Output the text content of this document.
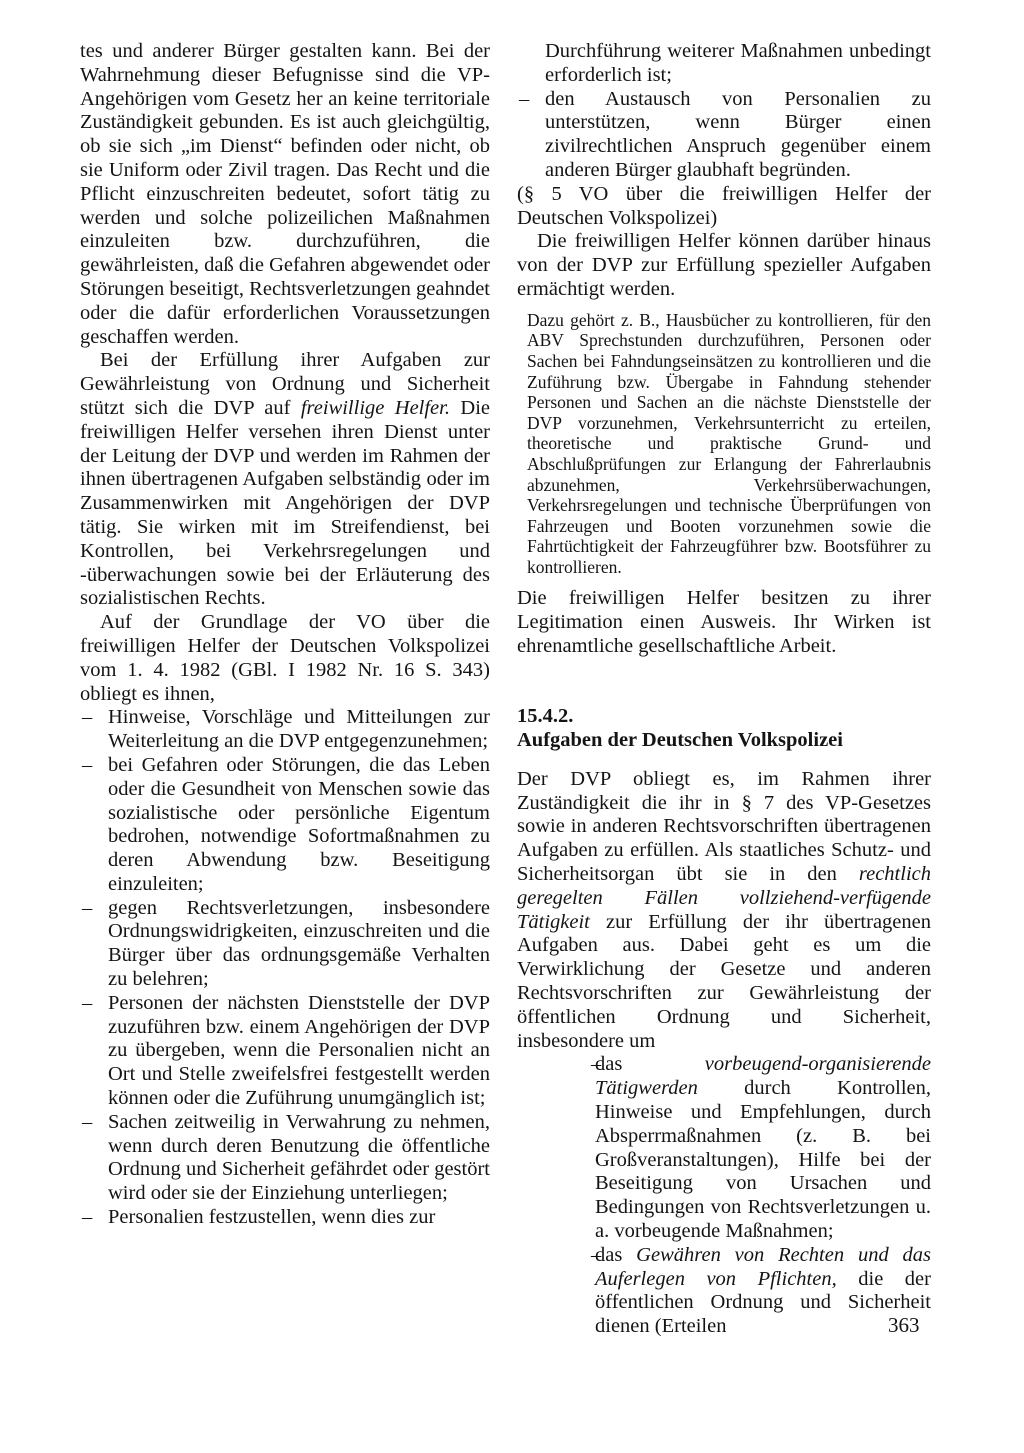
tes und anderer Bürger gestalten kann. Bei der Wahrnehmung dieser Befugnisse sind die VP-Angehörigen vom Gesetz her an keine territoriale Zuständigkeit gebunden. Es ist auch gleichgültig, ob sie sich „im Dienst“ befinden oder nicht, ob sie Uniform oder Zivil tragen. Das Recht und die Pflicht einzuschreiten bedeutet, sofort tätig zu werden und solche polizeilichen Maßnahmen einzuleiten bzw. durchzuführen, die gewährleisten, daß die Gefahren abgewendet oder Störungen beseitigt, Rechtsverletzungen geahndet oder die dafür erforderlichen Voraussetzungen geschaffen werden.

Bei der Erfüllung ihrer Aufgaben zur Gewährleistung von Ordnung und Sicherheit stützt sich die DVP auf freiwillige Helfer. Die freiwilligen Helfer versehen ihren Dienst unter der Leitung der DVP und werden im Rahmen der ihnen übertragenen Aufgaben selbständig oder im Zusammenwirken mit Angehörigen der DVP tätig. Sie wirken mit im Streifendienst, bei Kontrollen, bei Verkehrsregelungen und -überwachungen sowie bei der Erläuterung des sozialistischen Rechts.

Auf der Grundlage der VO über die freiwilligen Helfer der Deutschen Volkspolizei vom 1. 4. 1982 (GBl. I 1982 Nr. 16 S. 343) obliegt es ihnen,

– Hinweise, Vorschläge und Mitteilungen zur Weiterleitung an die DVP entgegenzunehmen;
– bei Gefahren oder Störungen, die das Leben oder die Gesundheit von Menschen sowie das sozialistische oder persönliche Eigentum bedrohen, notwendige Sofortmaßnahmen zu deren Abwendung bzw. Beseitigung einzuleiten;
– gegen Rechtsverletzungen, insbesondere Ordnungswidrigkeiten, einzuschreiten und die Bürger über das ordnungsgemäße Verhalten zu belehren;
– Personen der nächsten Dienststelle der DVP zuzuführen bzw. einem Angehörigen der DVP zu übergeben, wenn die Personalien nicht an Ort und Stelle zweifelsfrei festgestellt werden können oder die Zuführung unumgänglich ist;
– Sachen zeitweilig in Verwahrung zu nehmen, wenn durch deren Benutzung die öffentliche Ordnung und Sicherheit gefährdet oder gestört wird oder sie der Einziehung unterliegen;
– Personalien festzustellen, wenn dies zur

Durchführung weiterer Maßnahmen unbedingt erforderlich ist;

– den Austausch von Personalien zu unterstützen, wenn Bürger einen zivilrechtlichen Anspruch gegenüber einem anderen Bürger glaubhaft begründen.

(§ 5 VO über die freiwilligen Helfer der Deutschen Volkspolizei)

Die freiwilligen Helfer können darüber hinaus von der DVP zur Erfüllung spezieller Aufgaben ermächtigt werden.

Dazu gehört z. B., Hausbücher zu kontrollieren, für den ABV Sprechstunden durchzuführen, Personen oder Sachen bei Fahndungseinsätzen zu kontrollieren und die Zuführung bzw. Übergabe in Fahndung stehender Personen und Sachen an die nächste Dienststelle der DVP vorzunehmen, Verkehrsunterricht zu erteilen, theoretische und praktische Grund- und Abschlußprüfungen zur Erlangung der Fahrerlaubnis abzunehmen, Verkehrsüberwachungen, Verkehrsregelungen und technische Überprüfungen von Fahrzeugen und Booten vorzunehmen sowie die Fahrtüchtigkeit der Fahrzeugführer bzw. Bootsführer zu kontrollieren.

Die freiwilligen Helfer besitzen zu ihrer Legitimation einen Ausweis. Ihr Wirken ist ehrenamtliche gesellschaftliche Arbeit.

15.4.2.
Aufgaben der Deutschen Volkspolizei

Der DVP obliegt es, im Rahmen ihrer Zuständigkeit die ihr in § 7 des VP-Gesetzes sowie in anderen Rechtsvorschriften übertragenen Aufgaben zu erfüllen. Als staatliches Schutz- und Sicherheitsorgan übt sie in den rechtlich geregelten Fällen vollziehend-verfügende Tätigkeit zur Erfüllung der ihr übertragenen Aufgaben aus. Dabei geht es um die Verwirklichung der Gesetze und anderen Rechtsvorschriften zur Gewährleistung der öffentlichen Ordnung und Sicherheit, insbesondere um

– das vorbeugend-organisierende Tätigwerden durch Kontrollen, Hinweise und Empfehlungen, durch Absperrmaßnahmen (z. B. bei Großveranstaltungen), Hilfe bei der Beseitigung von Ursachen und Bedingungen von Rechtsverletzungen u. a. vorbeugende Maßnahmen;
– das Gewähren von Rechten und das Auferlegen von Pflichten, die der öffentlichen Ordnung und Sicherheit dienen (Erteilen	363
